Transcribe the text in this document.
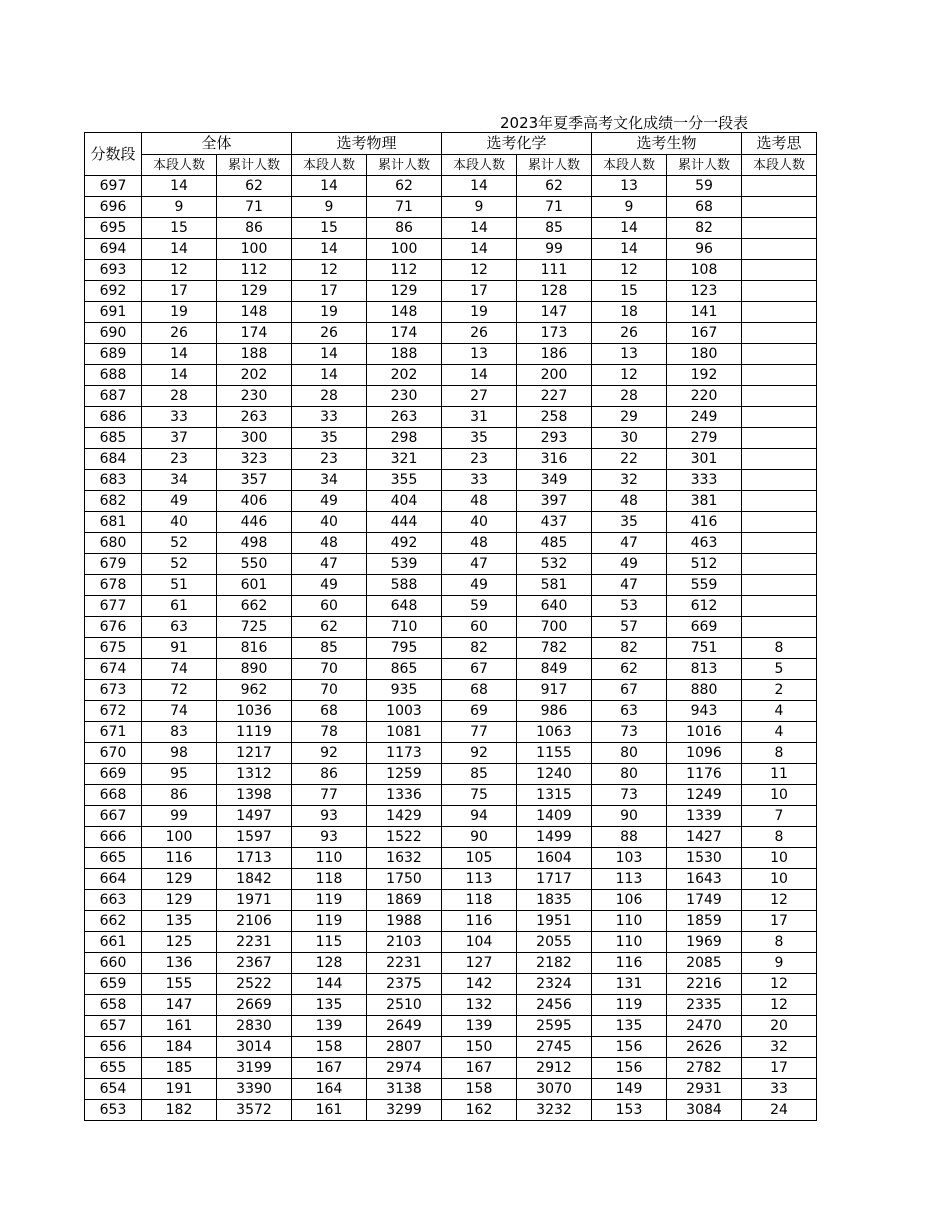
2023年夏季高考文化成绩一分一段表
分数段	全体		选考物理		选考化学		选考生物		选考思
	本段人数	累计人数	本段人数	累计人数	本段人数	累计人数	本段人数	累计人数	本段人数
697	14	62	14	62	14	62	13	59	
696	9	71	9	71	9	71	9	68	
695	15	86	15	86	14	85	14	82	
694	14	100	14	100	14	99	14	96	
693	12	112	12	112	12	111	12	108	
692	17	129	17	129	17	128	15	123	
691	19	148	19	148	19	147	18	141	
690	26	174	26	174	26	173	26	167	
689	14	188	14	188	13	186	13	180	
688	14	202	14	202	14	200	12	192	
687	28	230	28	230	27	227	28	220	
686	33	263	33	263	31	258	29	249	
685	37	300	35	298	35	293	30	279	
684	23	323	23	321	23	316	22	301	
683	34	357	34	355	33	349	32	333	
682	49	406	49	404	48	397	48	381	
681	40	446	40	444	40	437	35	416	
680	52	498	48	492	48	485	47	463	
679	52	550	47	539	47	532	49	512	
678	51	601	49	588	49	581	47	559	
677	61	662	60	648	59	640	53	612	
676	63	725	62	710	60	700	57	669	
675	91	816	85	795	82	782	82	751	8
674	74	890	70	865	67	849	62	813	5
673	72	962	70	935	68	917	67	880	2
672	74	1036	68	1003	69	986	63	943	4
671	83	1119	78	1081	77	1063	73	1016	4
670	98	1217	92	1173	92	1155	80	1096	8
669	95	1312	86	1259	85	1240	80	1176	11
668	86	1398	77	1336	75	1315	73	1249	10
667	99	1497	93	1429	94	1409	90	1339	7
666	100	1597	93	1522	90	1499	88	1427	8
665	116	1713	110	1632	105	1604	103	1530	10
664	129	1842	118	1750	113	1717	113	1643	10
663	129	1971	119	1869	118	1835	106	1749	12
662	135	2106	119	1988	116	1951	110	1859	17
661	125	2231	115	2103	104	2055	110	1969	8
660	136	2367	128	2231	127	2182	116	2085	9
659	155	2522	144	2375	142	2324	131	2216	12
658	147	2669	135	2510	132	2456	119	2335	12
657	161	2830	139	2649	139	2595	135	2470	20
656	184	3014	158	2807	150	2745	156	2626	32
655	185	3199	167	2974	167	2912	156	2782	17
654	191	3390	164	3138	158	3070	149	2931	33
653	182	3572	161	3299	162	3232	153	3084	24
